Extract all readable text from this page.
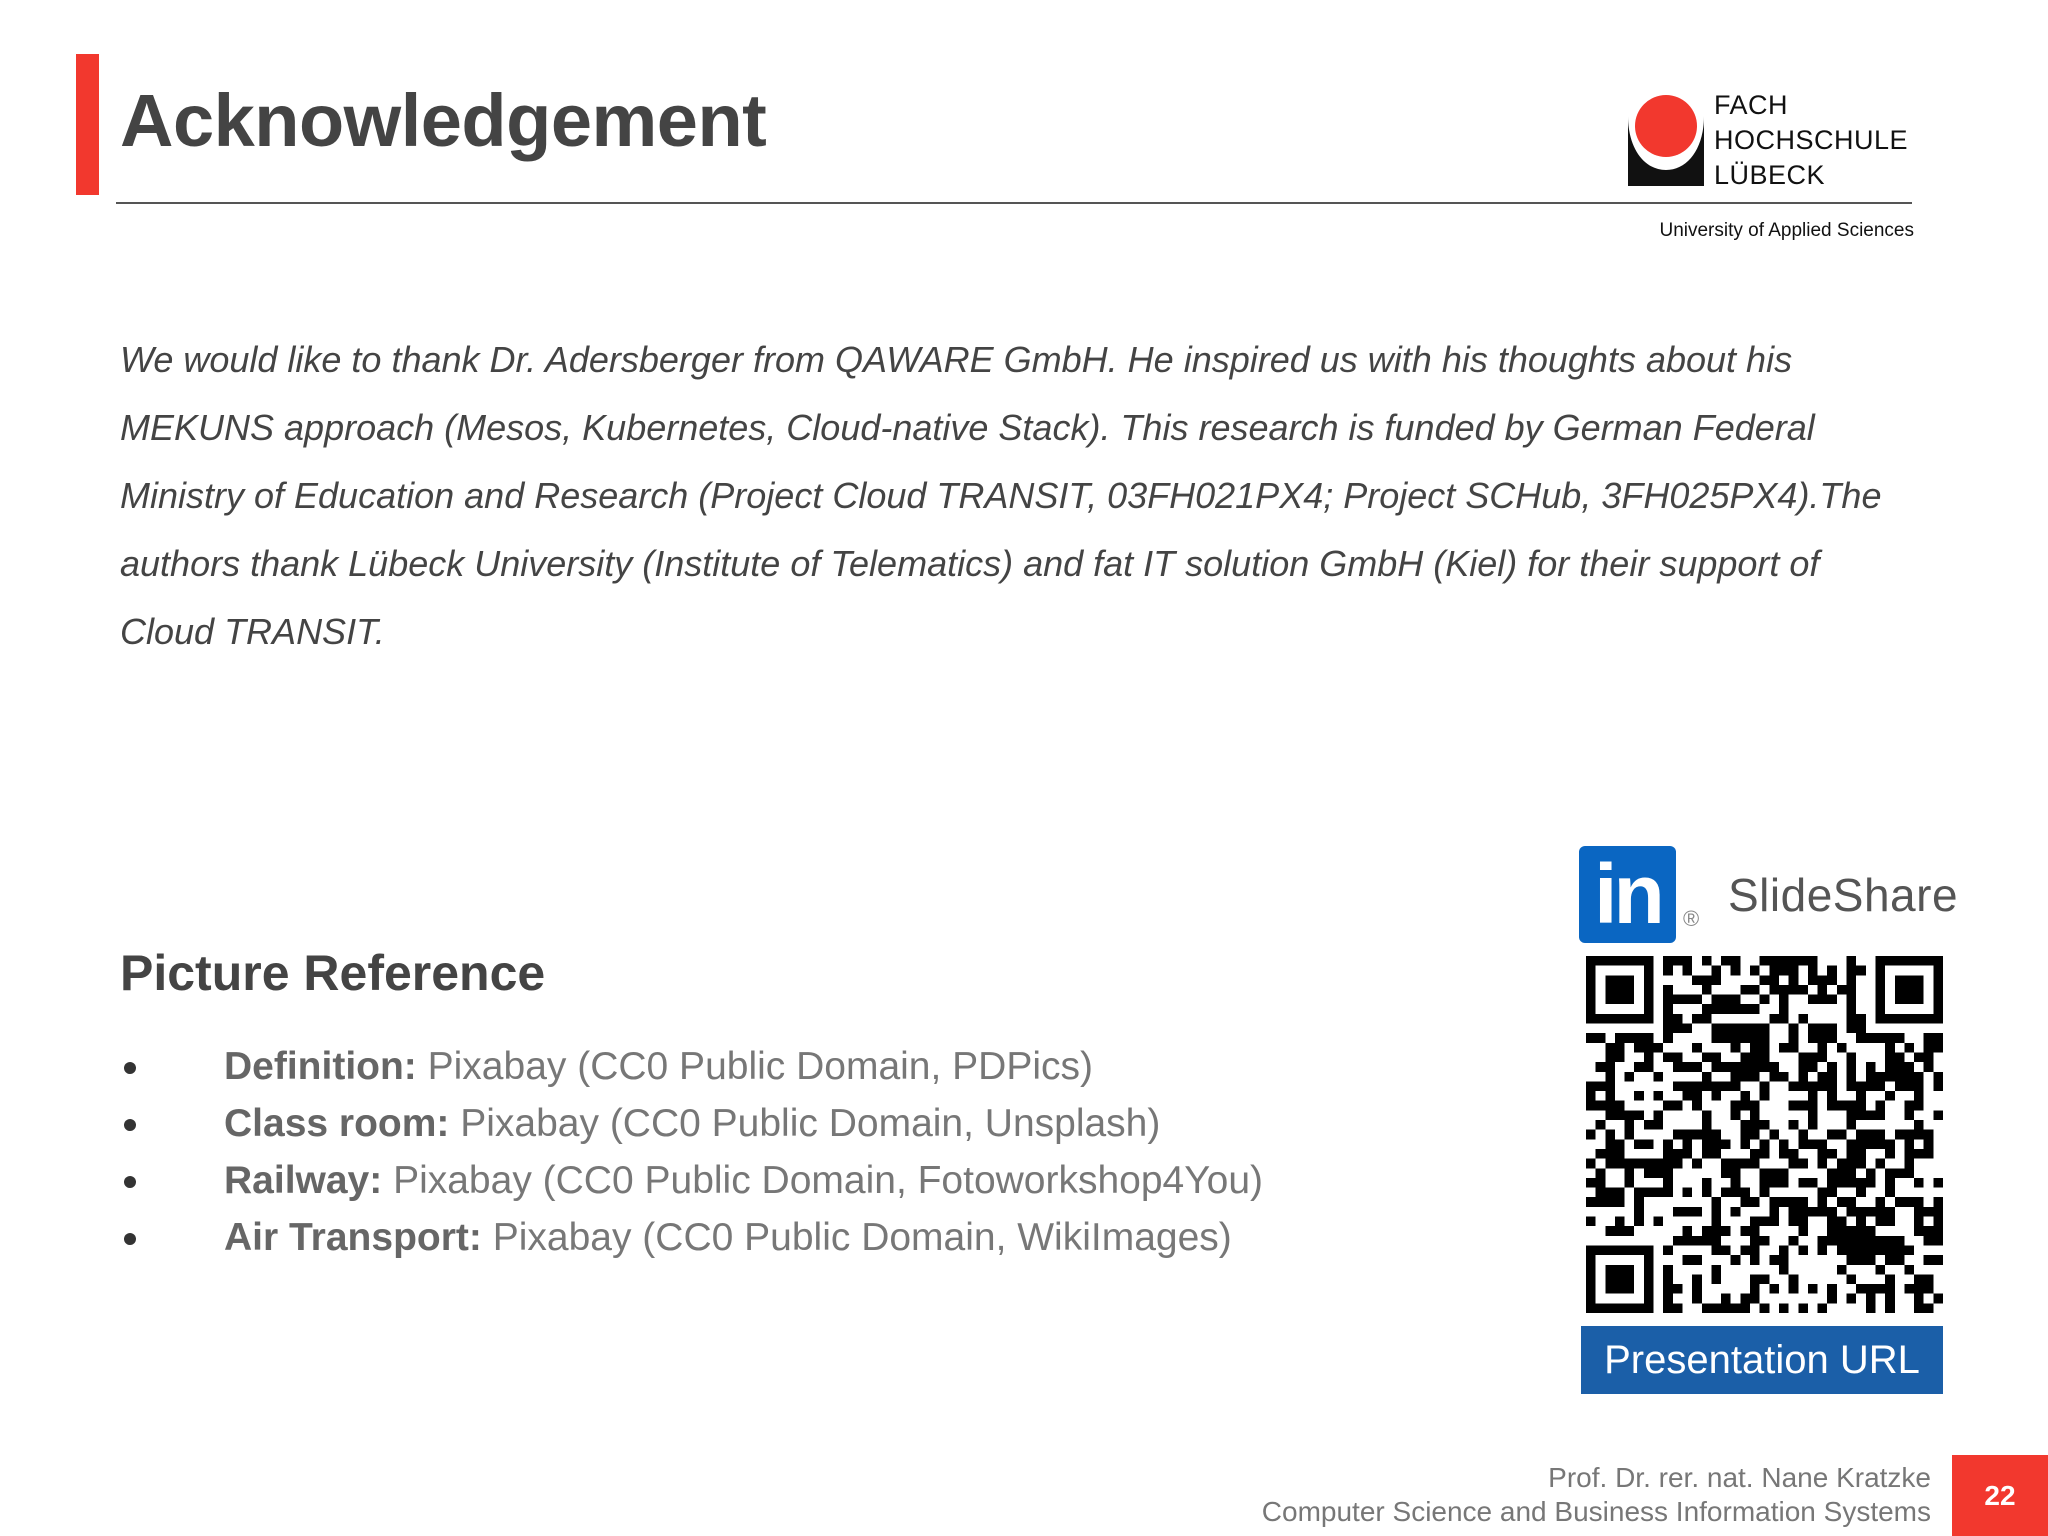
Acknowledgement	FACH
HOCHSCHULE
LÜBECK
University of Applied Sciences

We would like to thank Dr. Adersberger from QAWARE GmbH. He inspired us with his thoughts about his MEKUNS approach (Mesos, Kubernetes, Cloud-native Stack). This research is funded by German Federal Ministry of Education and Research (Project Cloud TRANSIT, 03FH021PX4; Project SCHub, 3FH025PX4).The authors thank Lübeck University (Institute of Telematics) and fat IT solution GmbH (Kiel) for their support of Cloud TRANSIT.

Picture Reference
Definition: Pixabay (CC0 Public Domain, PDPics)
Class room: Pixabay (CC0 Public Domain, Unsplash)
Railway: Pixabay (CC0 Public Domain, Fotoworkshop4You)
Air Transport: Pixabay (CC0 Public Domain, WikiImages)
in	® SlideShare
Presentation URL
Prof. Dr. rer. nat. Nane Kratzke
Computer Science and Business Information Systems
22
